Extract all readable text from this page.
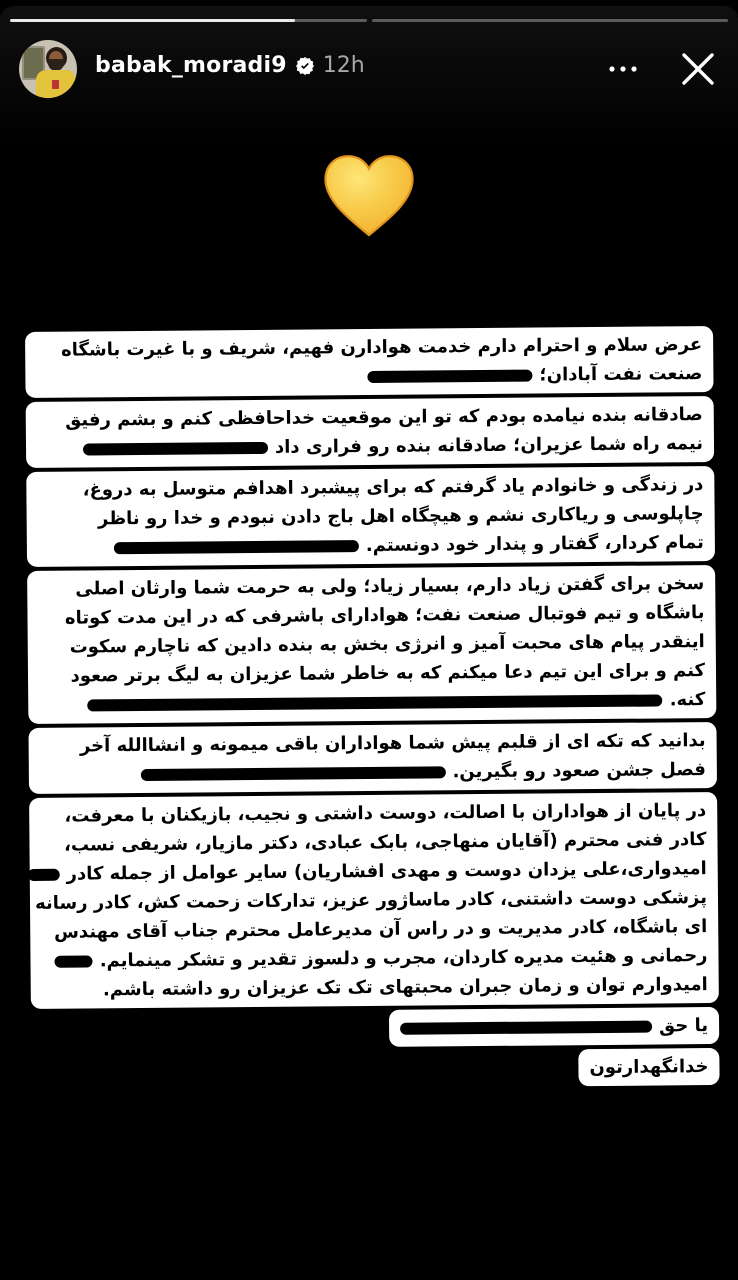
babak_moradi9 12h
عرض سلام و احترام دارم خدمت هوادارن فهیم، شریف و با غیرت باشگاه
صنعت نفت آبادان؛
صادقانه بنده نیامده بودم که تو این موقعیت خداحافظی کنم و بشم رفیق
نیمه راه شما عزیران؛ صادقانه بنده رو فراری داد
در زندگی و خانوادم یاد گرفتم که برای پیشبرد اهدافم متوسل به دروغ،
چاپلوسی و ریاکاری نشم و هیچگاه اهل باج دادن نبودم و خدا رو ناظر
تمام کردار، گفتار و پندار خود دونستم.
سخن برای گفتن زیاد دارم، بسیار زیاد؛ ولی به حرمت شما وارثان اصلی
باشگاه و تیم فوتبال صنعت نفت؛ هوادارای باشرفی که در این مدت کوتاه
اینقدر پیام های محبت آمیز و انرژی بخش به بنده دادین که ناچارم سکوت
کنم و برای این تیم دعا میکنم که به خاطر شما عزیزان به لیگ برتر صعود
کنه.
بدانید که تکه ای از قلبم پیش شما هواداران باقی میمونه و انشاالله آخر
فصل جشن صعود رو بگیرین.
در پایان از هواداران با اصالت، دوست داشتی و نجیب، بازیکنان با معرفت،
کادر فنی محترم (آقایان منهاجی، بابک عبادی، دکتر مازیار، شریفی نسب،
امیدواری،علی یزدان دوست و مهدی افشاریان) سایر عوامل از جمله کادر
پزشکی دوست داشتنی، کادر ماساژور عزیز، تدارکات زحمت کش، کادر رسانه
ای باشگاه، کادر مدیریت و در راس آن مدیرعامل محترم جناب آقای مهندس
رحمانی و هئیت مدیره کاردان، مجرب و دلسوز تقدیر و تشکر مینمایم.
امیدوارم توان و زمان جبران محبتهای تک تک عزیزان رو داشته باشم.
یا حق
خدانگهدارتون
